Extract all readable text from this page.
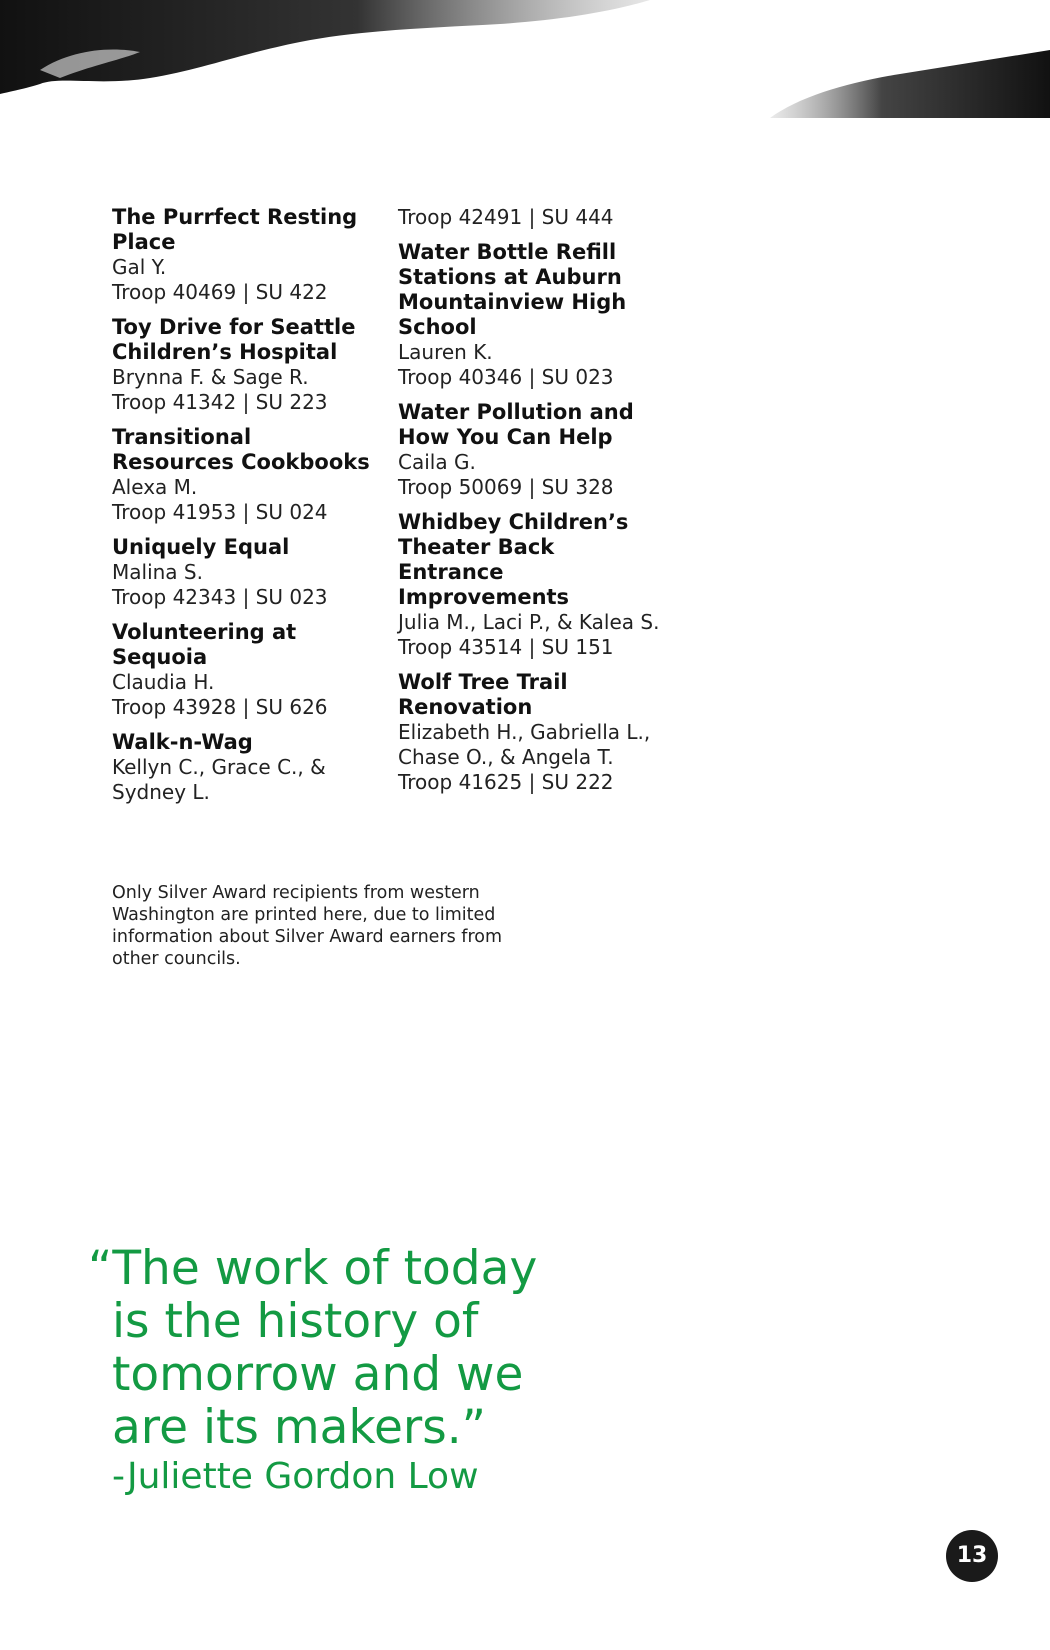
The Purrfect Resting Place
Gal Y.
Troop 40469 | SU 422
Toy Drive for Seattle Children’s Hospital
Brynna F. & Sage R.
Troop 41342 | SU 223
Transitional Resources Cookbooks
Alexa M.
Troop 41953 | SU 024
Uniquely Equal
Malina S.
Troop 42343 | SU 023
Volunteering at Sequoia
Claudia H.
Troop 43928 | SU 626
Walk-n-Wag
Kellyn C., Grace C., & Sydney L.
Troop 42491 | SU 444
Water Bottle Refill Stations at Auburn Mountainview High School
Lauren K.
Troop 40346 | SU 023
Water Pollution and How You Can Help
Caila G.
Troop 50069 | SU 328
Whidbey Children’s Theater Back Entrance Improvements
Julia M., Laci P., & Kalea S.
Troop 43514 | SU 151
Wolf Tree Trail Renovation
Elizabeth H., Gabriella L., Chase O., & Angela T.
Troop 41625 | SU 222
Only Silver Award recipients from western Washington are printed here, due to limited information about Silver Award earners from other councils.
“The work of today
is the history of
tomorrow and we
are its makers.”
-Juliette Gordon Low
13
